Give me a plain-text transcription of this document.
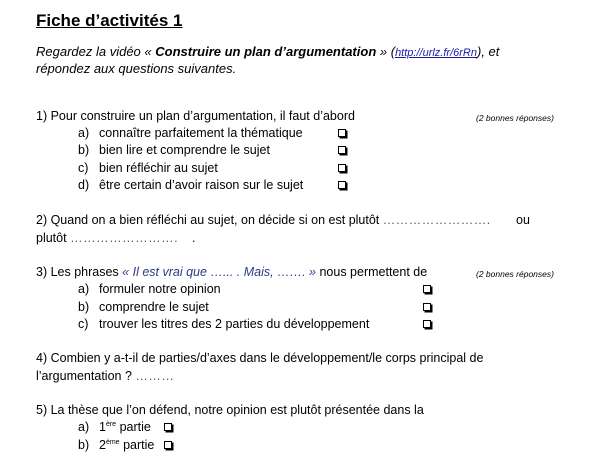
Fiche d’activités 1
Regardez la vidéo « Construire un plan d’argumentation » (http://urlz.fr/6rRn), et
répondez aux questions suivantes.
1) Pour construire un plan d’argumentation, il faut d’abord	(2 bonnes réponses)
a) connaître parfaitement la thématique
b) bien lire et comprendre le sujet
c) bien réfléchir au sujet
d) être certain d’avoir raison sur le sujet
2) Quand on a bien réfléchi au sujet, on décide si on est plutôt ……………………. ou
plutôt ……………………. .
3) Les phrases « Il est vrai que …... . Mais, ……. » nous permettent de	(2 bonnes réponses)
a) formuler notre opinion
b) comprendre le sujet
c) trouver les titres des 2 parties du développement
4) Combien y a-t-il de parties/d’axes dans le développement/le corps principal de
l’argumentation ? ………
5) La thèse que l’on défend, notre opinion est plutôt présentée dans la
a) 1ère partie
b) 2ème partie
